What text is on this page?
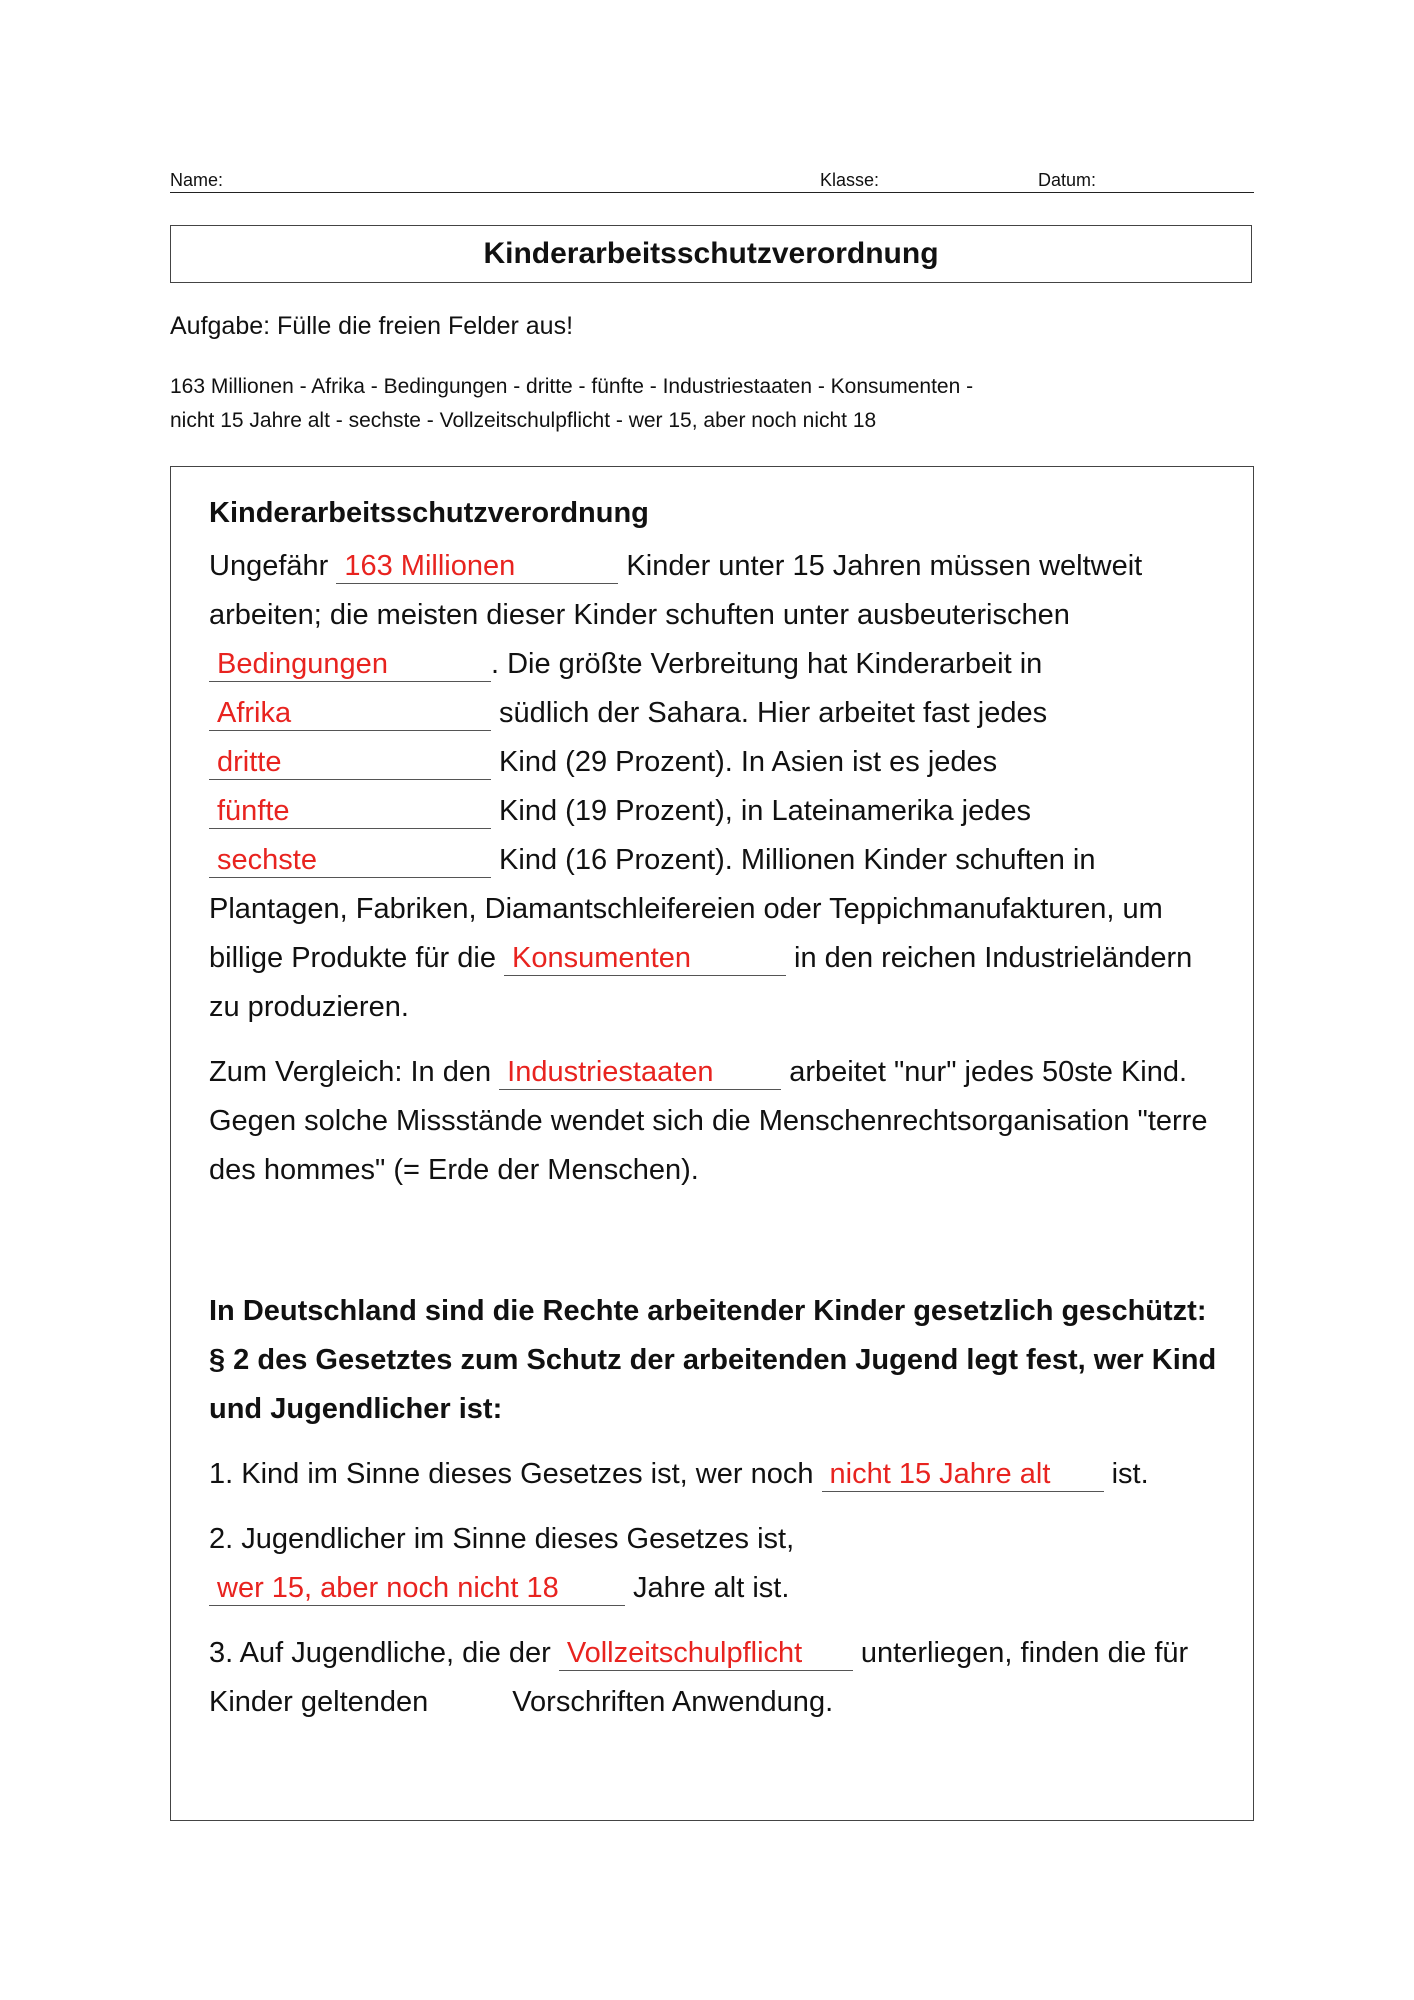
Name:	Klasse:	Datum:
Kinderarbeitsschutzverordnung
Aufgabe: Fülle die freien Felder aus!
163 Millionen - Afrika - Bedingungen - dritte - fünfte - Industriestaaten - Konsumenten -
nicht 15 Jahre alt - sechste - Vollzeitschulpflicht - wer 15, aber noch nicht 18
Kinderarbeitsschutzverordnung

Ungefähr 163 Millionen	Kinder unter 15 Jahren müssen weltweit arbeiten; die meisten dieser Kinder schuften unter ausbeuterischen Bedingungen	. Die größte Verbreitung hat Kinderarbeit in Afrika	südlich der Sahara. Hier arbeitet fast jedes dritte	Kind (29 Prozent). In Asien ist es jedes fünfte	Kind (19 Prozent), in Lateinamerika jedes sechste	Kind (16 Prozent). Millionen Kinder schuften in Plantagen, Fabriken, Diamantschleifereien oder Teppichmanufakturen, um billige Produkte für die Konsumenten	in den reichen Industrieländern zu produzieren.

Zum Vergleich: In den Industriestaaten arbeitet "nur" jedes 50ste Kind. Gegen solche Missstände wendet sich die Menschenrechtsorganisation "terre des hommes" (= Erde der Menschen).

In Deutschland sind die Rechte arbeitender Kinder gesetzlich geschützt: § 2 des Gesetztes zum Schutz der arbeitenden Jugend legt fest, wer Kind und Jugendlicher ist:

1. Kind im Sinne dieses Gesetzes ist, wer noch nicht 15 Jahre alt ist.

2. Jugendlicher im Sinne dieses Gesetzes ist, wer 15, aber noch nicht 18 Jahre alt ist.

3. Auf Jugendliche, die der Vollzeitschulpflicht unterliegen, finden die für Kinder geltenden	Vorschriften Anwendung.
